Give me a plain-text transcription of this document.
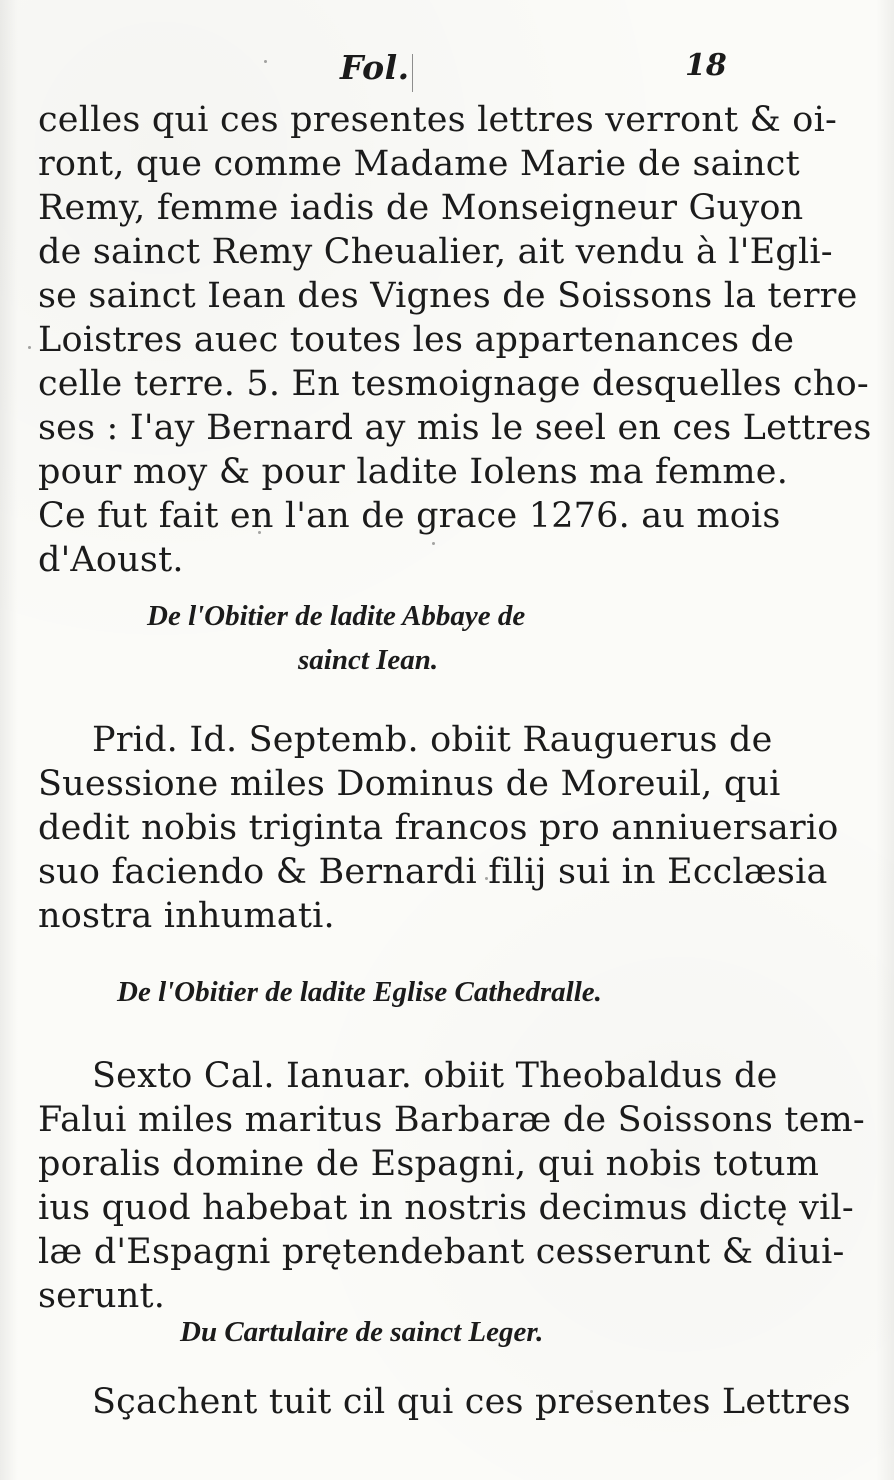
Fol.	18
celles qui ces presentes lettres verront & oi-
ront, que comme Madame Marie de sainct
Remy, femme iadis de Monseigneur Guyon
de sainct Remy Cheualier, ait vendu à l'Egli-
se sainct Iean des Vignes de Soissons la terre
Loistres auec toutes les appartenances de
celle terre. 5. En tesmoignage desquelles cho-
ses : I'ay Bernard ay mis le seel en ces Lettres
pour moy & pour ladite Iolens ma femme.
Ce fut fait en l'an de grace 1276. au mois
d'Aoust.
De l'Obitier de ladite Abbaye de
sainct Iean.
Prid. Id. Septemb. obiit Rauguerus de
Suessione miles Dominus de Moreuil, qui
dedit nobis triginta francos pro anniuersario
suo faciendo & Bernardi filij sui in Ecclæsia
nostra inhumati.
De l'Obitier de ladite Eglise Cathedralle.
Sexto Cal. Ianuar. obiit Theobaldus de
Falui miles maritus Barbaræ de Soissons tem-
poralis domine de Espagni, qui nobis totum
ius quod habebat in nostris decimus dictę vil-
læ d'Espagni prętendebant cesserunt & diui-
serunt.
Du Cartulaire de sainct Leger.
Sçachent tuit cil qui ces presentes Lettres
